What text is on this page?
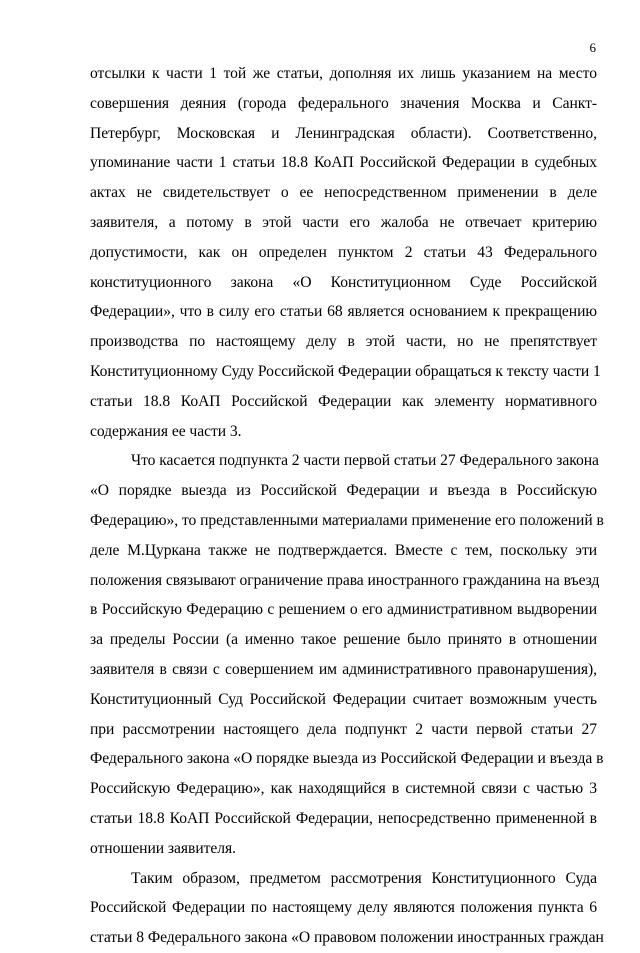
6
отсылки к части 1 той же статьи, дополняя их лишь указанием на место
совершения деяния (города федерального значения Москва и Санкт-
Петербург, Московская и Ленинградская области). Соответственно,
упоминание части 1 статьи 18.8 КоАП Российской Федерации в судебных
актах не свидетельствует о ее непосредственном применении в деле
заявителя, а потому в этой части его жалоба не отвечает критерию
допустимости, как он определен пунктом 2 статьи 43 Федерального
конституционного закона «О Конституционном Суде Российской
Федерации», что в силу его статьи 68 является основанием к прекращению
производства по настоящему делу в этой части, но не препятствует
Конституционному Суду Российской Федерации обращаться к тексту части 1
статьи 18.8 КоАП Российской Федерации как элементу нормативного
содержания ее части 3.
Что касается подпункта 2 части первой статьи 27 Федерального закона
«О порядке выезда из Российской Федерации и въезда в Российскую
Федерацию», то представленными материалами применение его положений в
деле М.Цуркана также не подтверждается. Вместе с тем, поскольку эти
положения связывают ограничение права иностранного гражданина на въезд
в Российскую Федерацию с решением о его административном выдворении
за пределы России (а именно такое решение было принято в отношении
заявителя в связи с совершением им административного правонарушения),
Конституционный Суд Российской Федерации считает возможным учесть
при рассмотрении настоящего дела подпункт 2 части первой статьи 27
Федерального закона «О порядке выезда из Российской Федерации и въезда в
Российскую Федерацию», как находящийся в системной связи с частью 3
статьи 18.8 КоАП Российской Федерации, непосредственно примененной в
отношении заявителя.
Таким образом, предметом рассмотрения Конституционного Суда
Российской Федерации по настоящему делу являются положения пункта 6
статьи 8 Федерального закона «О правовом положении иностранных граждан
